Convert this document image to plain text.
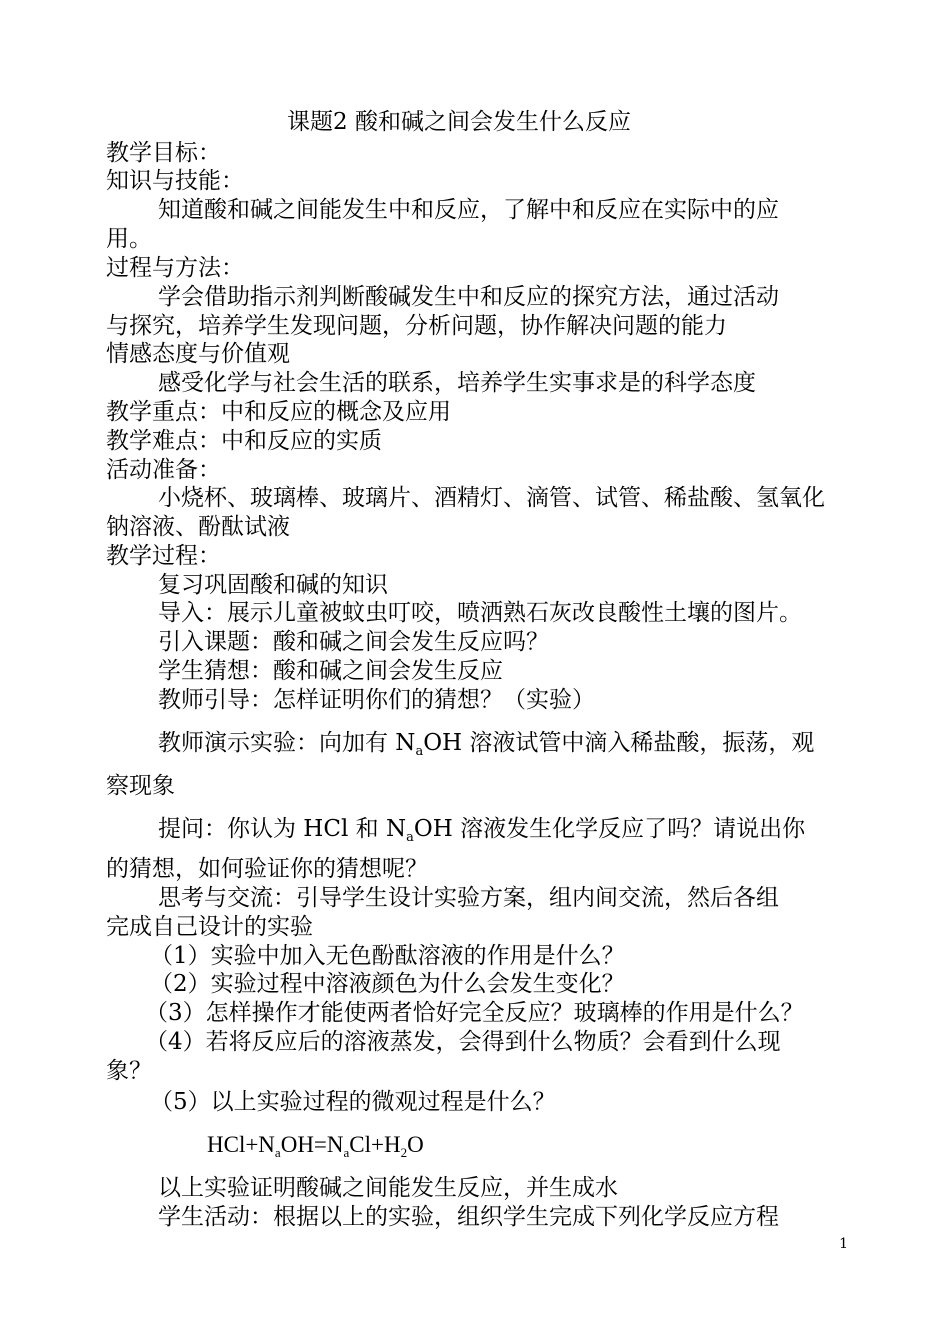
课题2 酸和碱之间会发生什么反应
教学目标：
知识与技能：
知道酸和碱之间能发生中和反应，了解中和反应在实际中的应
用。
过程与方法：
学会借助指示剂判断酸碱发生中和反应的探究方法，通过活动
与探究，培养学生发现问题，分析问题，协作解决问题的能力
情感态度与价值观
感受化学与社会生活的联系，培养学生实事求是的科学态度
教学重点：中和反应的概念及应用
教学难点：中和反应的实质
活动准备：
小烧杯、玻璃棒、玻璃片、酒精灯、滴管、试管、稀盐酸、氢氧化
钠溶液、酚酞试液
教学过程：
复习巩固酸和碱的知识
导入：展示儿童被蚊虫叮咬，喷洒熟石灰改良酸性土壤的图片。
引入课题：酸和碱之间会发生反应吗？
学生猜想：酸和碱之间会发生反应
教师引导：怎样证明你们的猜想？（实验）
教师演示实验：向加有 $N_aOH$ 溶液试管中滴入稀盐酸，振荡，观
察现象
提问：你认为 HCl 和 $N_aOH$ 溶液发生化学反应了吗？请说出你
的猜想，如何验证你的猜想呢？
思考与交流：引导学生设计实验方案，组内间交流，然后各组
完成自己设计的实验
（1）实验中加入无色酚酞溶液的作用是什么？
（2）实验过程中溶液颜色为什么会发生变化？
（3）怎样操作才能使两者恰好完全反应？玻璃棒的作用是什么？
（4）若将反应后的溶液蒸发，会得到什么物质？会看到什么现
象？
（5）以上实验过程的微观过程是什么？
$HCl+N_aOH=N_aCl+H_2O$
以上实验证明酸碱之间能发生反应，并生成水
学生活动：根据以上的实验，组织学生完成下列化学反应方程
1
